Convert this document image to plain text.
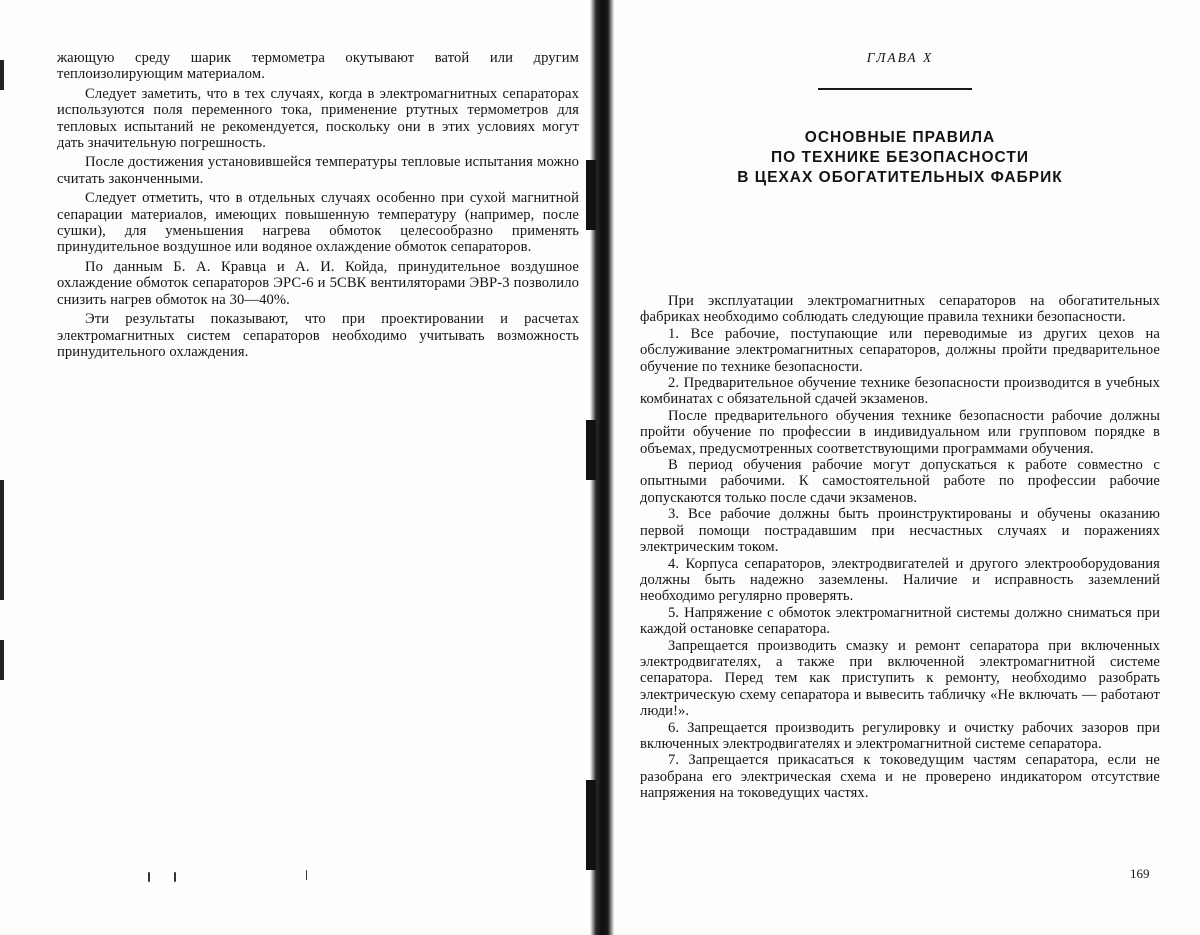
жающую среду шарик термометра окутывают ватой или другим теплоизолирующим материалом.

Следует заметить, что в тех случаях, когда в электромагнитных сепараторах используются поля переменного тока, применение ртутных термометров для тепловых испытаний не рекомендуется, поскольку они в этих условиях могут дать значительную погрешность.

После достижения установившейся температуры тепловые испытания можно считать законченными.

Следует отметить, что в отдельных случаях особенно при сухой магнитной сепарации материалов, имеющих повышенную температуру (например, после сушки), для уменьшения нагрева обмоток целесообразно применять принудительное воздушное или водяное охлаждение обмоток сепараторов.

По данным Б. А. Кравца и А. И. Койда, принудительное воздушное охлаждение обмоток сепараторов ЭРС-6 и 5СВК вентиляторами ЭВР-3 позволило снизить нагрев обмоток на 30—40%.

Эти результаты показывают, что при проектировании и расчетах электромагнитных систем сепараторов необходимо учитывать возможность принудительного охлаждения.

ГЛАВА Х
ОСНОВНЫЕ ПРАВИЛА
ПО ТЕХНИКЕ БЕЗОПАСНОСТИ
В ЦЕХАХ ОБОГАТИТЕЛЬНЫХ ФАБРИК

При эксплуатации электромагнитных сепараторов на обогатительных фабриках необходимо соблюдать следующие правила техники безопасности.

1. Все рабочие, поступающие или переводимые из других цехов на обслуживание электромагнитных сепараторов, должны пройти предварительное обучение по технике безопасности.

2. Предварительное обучение технике безопасности производится в учебных комбинатах с обязательной сдачей экзаменов.

После предварительного обучения технике безопасности рабочие должны пройти обучение по профессии в индивидуальном или групповом порядке в объемах, предусмотренных соответствующими программами обучения.

В период обучения рабочие могут допускаться к работе совместно с опытными рабочими. К самостоятельной работе по профессии рабочие допускаются только после сдачи экзаменов.

3. Все рабочие должны быть проинструктированы и обучены оказанию первой помощи пострадавшим при несчастных случаях и поражениях электрическим током.

4. Корпуса сепараторов, электродвигателей и другого электрооборудования должны быть надежно заземлены. Наличие и исправность заземлений необходимо регулярно проверять.

5. Напряжение с обмоток электромагнитной системы должно сниматься при каждой остановке сепаратора.

Запрещается производить смазку и ремонт сепаратора при включенных электродвигателях, а также при включенной электромагнитной системе сепаратора. Перед тем как приступить к ремонту, необходимо разобрать электрическую схему сепаратора и вывесить табличку «Не включать — работают люди!».

6. Запрещается производить регулировку и очистку рабочих зазоров при включенных электродвигателях и электромагнитной системе сепаратора.

7. Запрещается прикасаться к токоведущим частям сепаратора, если не разобрана его электрическая схема и не проверено индикатором отсутствие напряжения на токоведущих частях.

169
